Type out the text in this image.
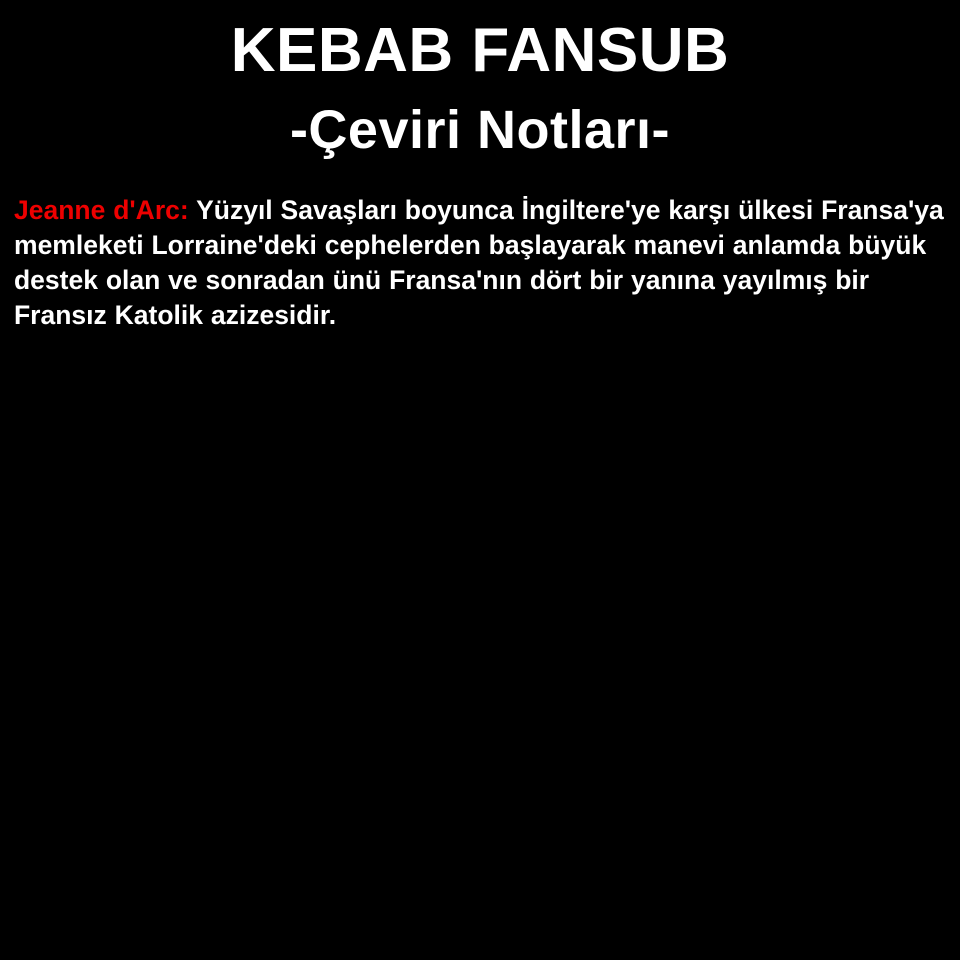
KEBAB FANSUB
-Çeviri Notları-

Jeanne d'Arc: Yüzyıl Savaşları boyunca İngiltere'ye karşı ülkesi Fransa'ya memleketi Lorraine'deki cephelerden başlayarak manevi anlamda büyük destek olan ve sonradan ünü Fransa'nın dört bir yanına yayılmış bir Fransız Katolik azizesidir.
